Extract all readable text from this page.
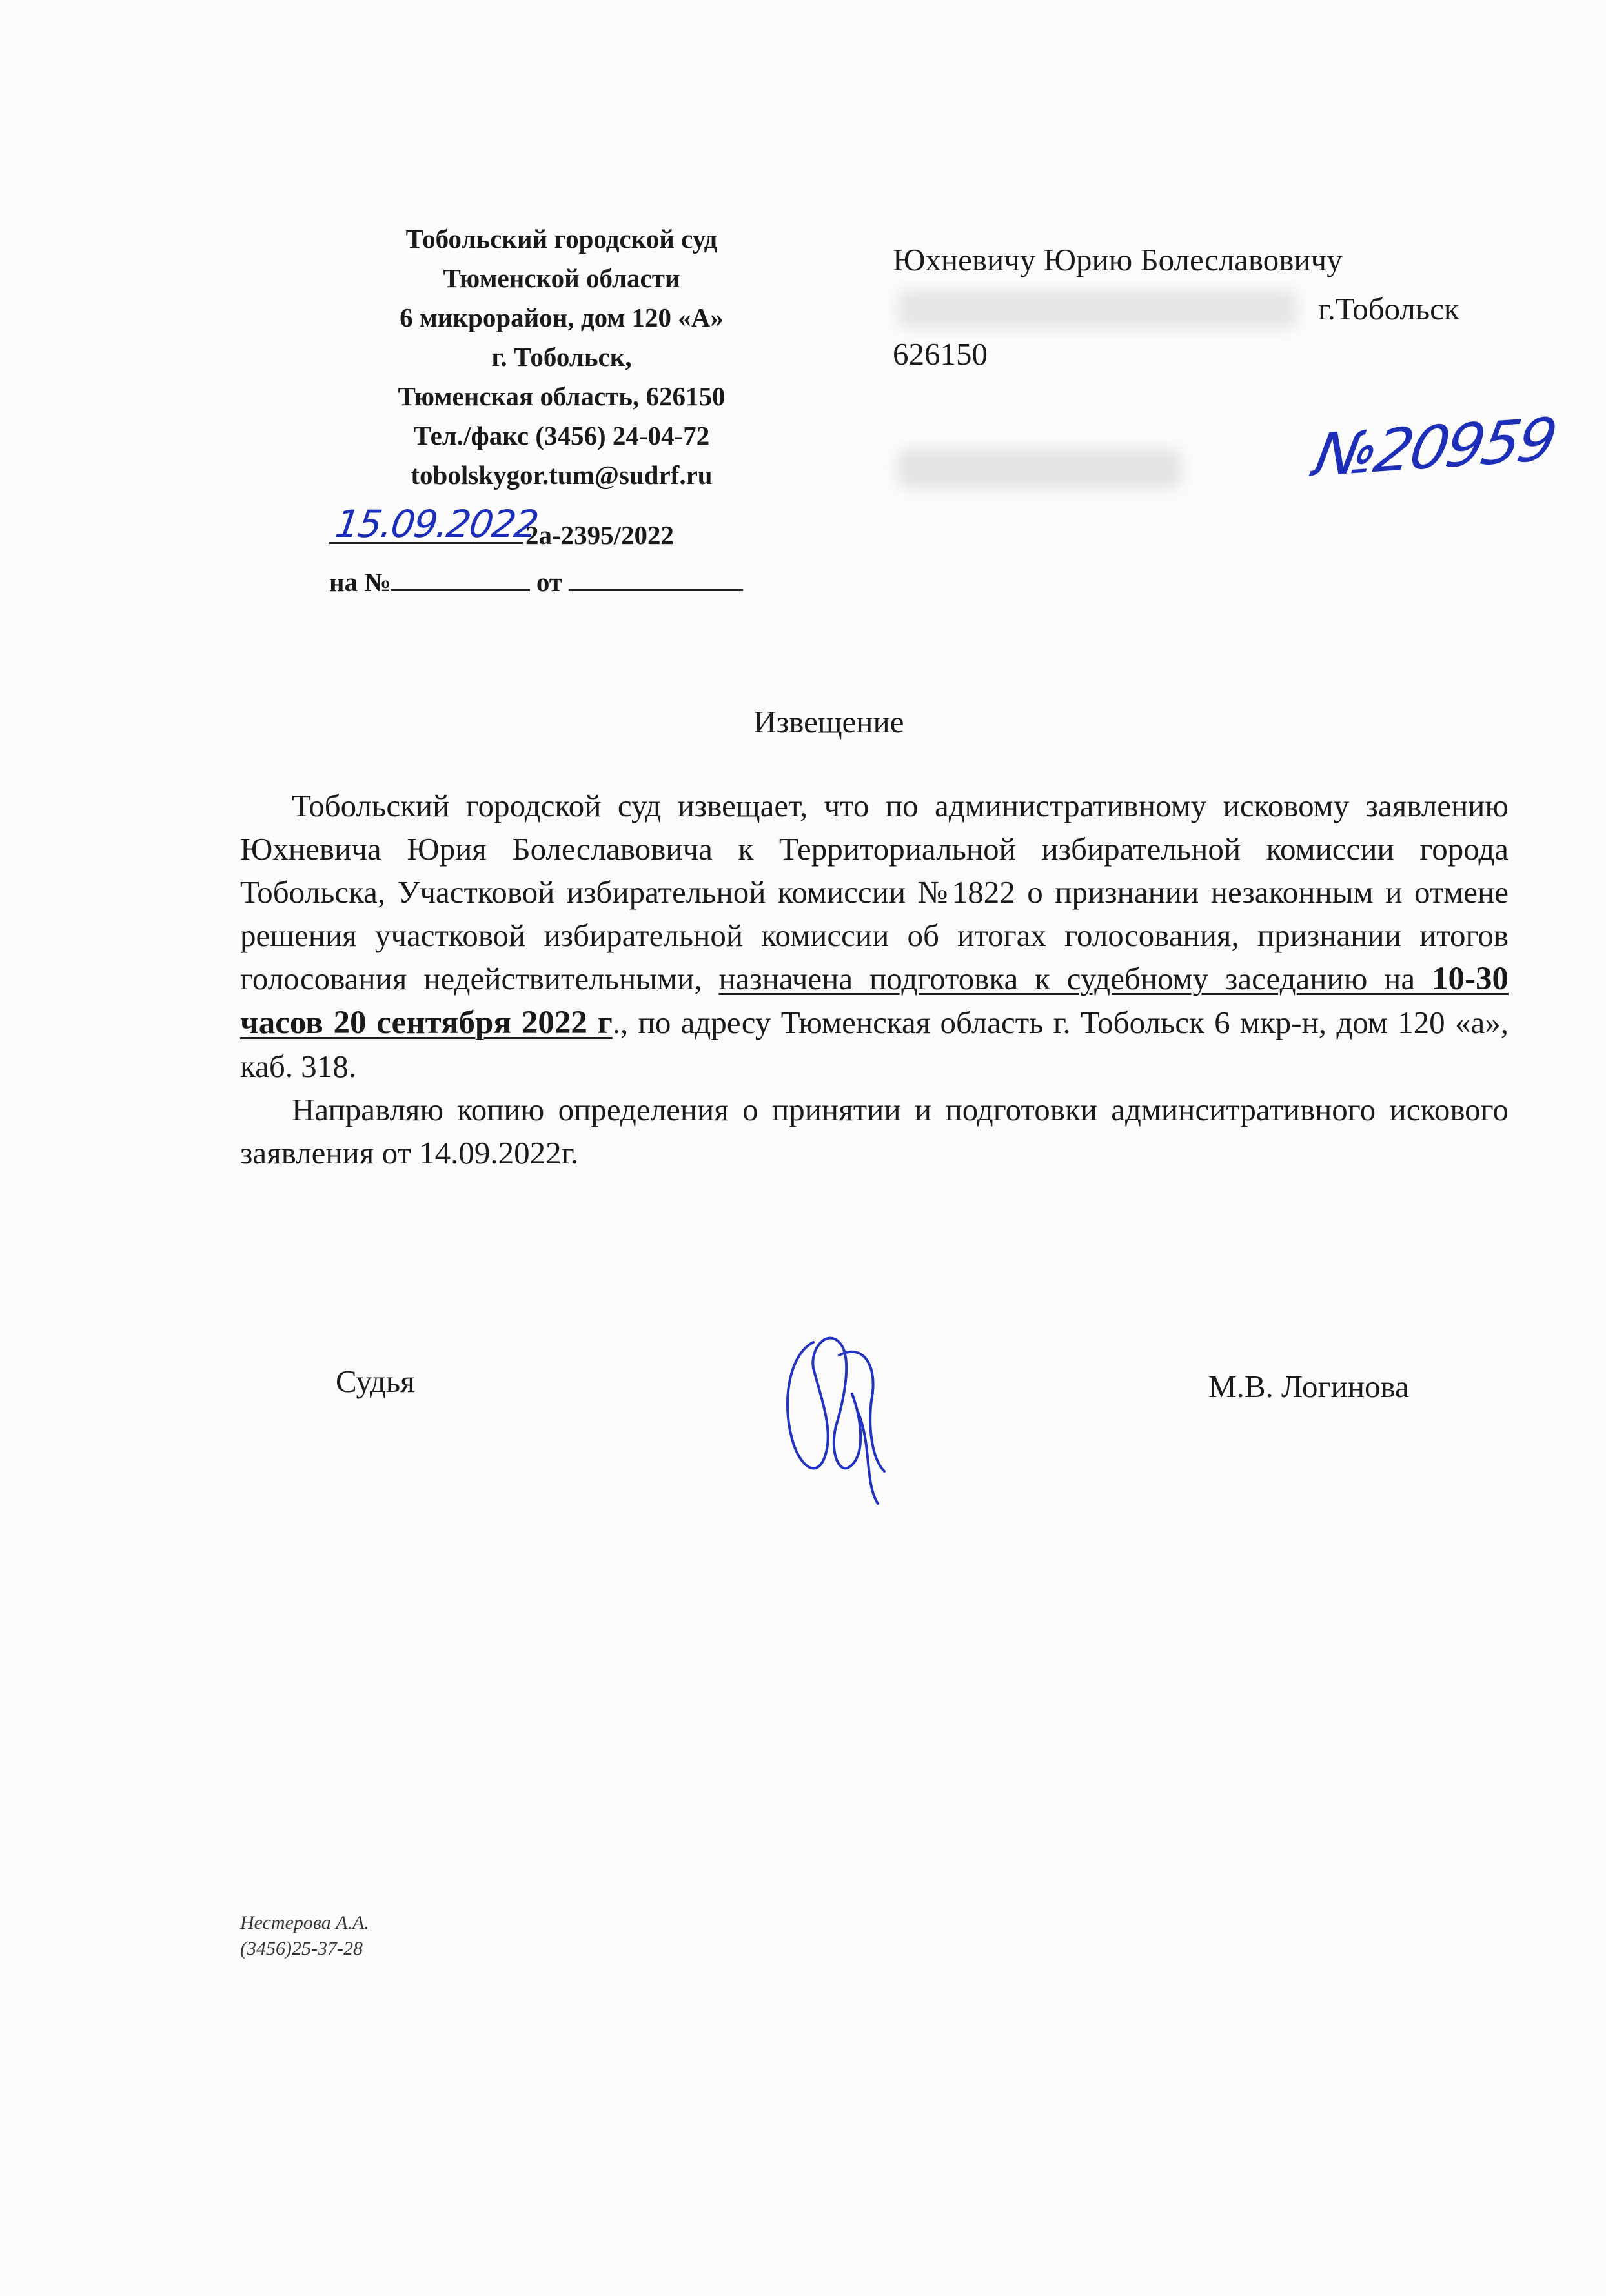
Тобольский городской суд
Тюменской области
6 микрорайон, дом 120 «А»
г. Тобольск,
Тюменская область, 626150
Тел./факс (3456) 24-04-72
tobolskygor.tum@sudrf.ru
2а-2395/2022
15.09.2022
на №	от
Юхневичу Юрию Болеславовичу
г.Тобольск
626150
№20959
Извещение

Тобольский городской суд извещает, что по административному исковому заявлению Юхневича Юрия Болеславовича к Территориальной избирательной комиссии города Тобольска, Участковой избирательной комиссии №1822 о признании незаконным и отмене решения участковой избирательной комиссии об итогах голосования, признании итогов голосования недействительными, назначена подготовка к судебному заседанию на 10-30 часов 20 сентября 2022 г., по адресу Тюменская область г. Тобольск 6 мкр-н, дом 120 «а», каб. 318.

Направляю копию определения о принятии и подготовки админситративного искового заявления от 14.09.2022г.

Судья	М.В. Логинова
Нестерова А.А.
(3456)25-37-28
